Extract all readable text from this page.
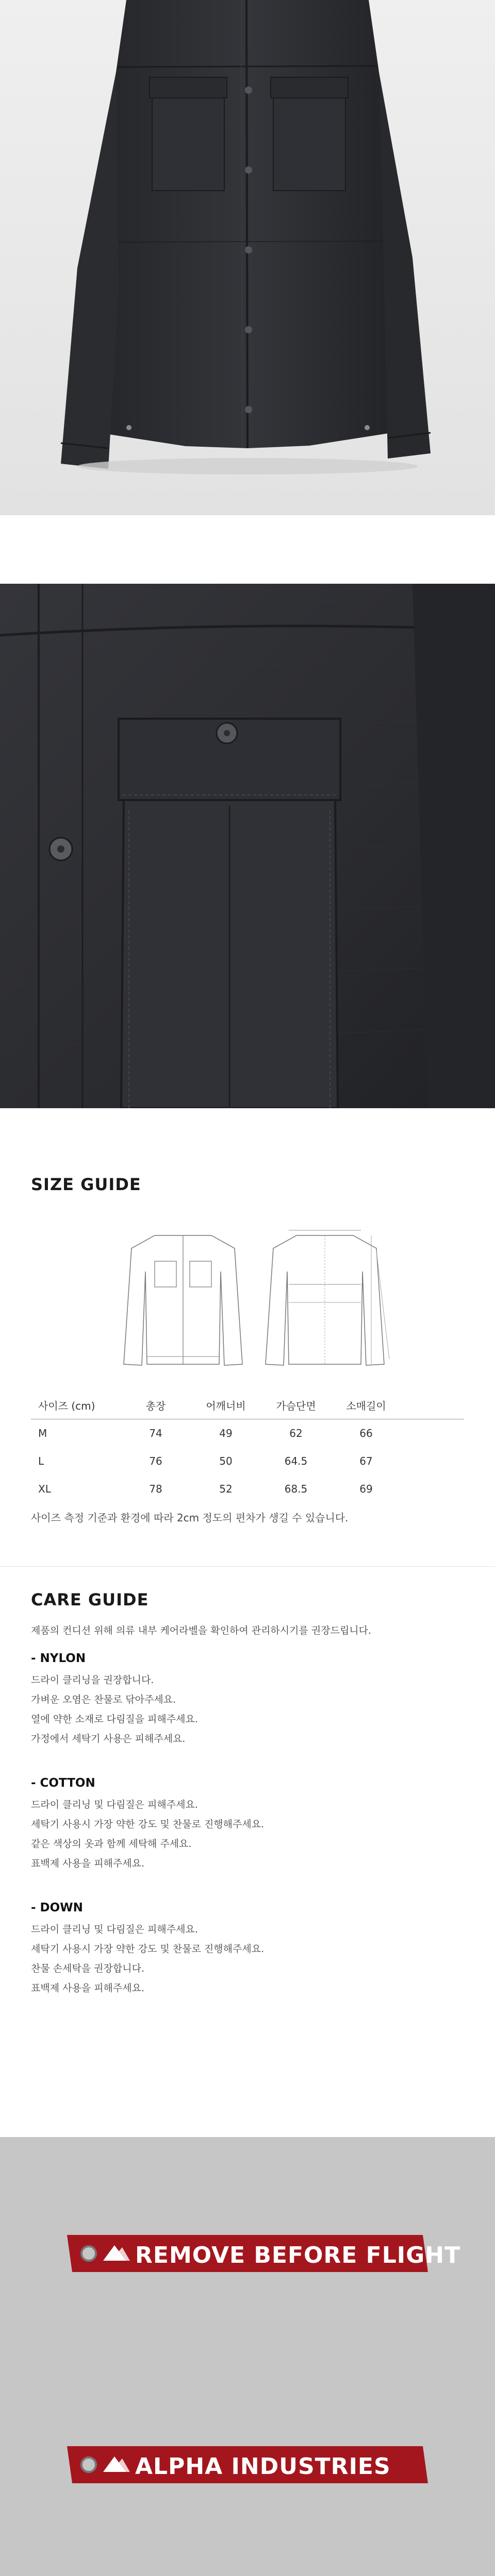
SIZE GUIDE
사이즈 (cm)	총장	어깨너비	가슴단면	소매길이
M	74	49	62	66
L	76	50	64.5	67
XL	78	52	68.5	69
사이즈 측정 기준과 환경에 따라 2cm 정도의 편차가 생길 수 있습니다.
CARE GUIDE
제품의 컨디션 위해 의류 내부 케어라벨을 확인하여 관리하시기를 권장드립니다.
- NYLON
드라이 클리닝을 권장합니다.
가벼운 오염은 찬물로 닦아주세요.
열에 약한 소재로 다림질을 피해주세요.
가정에서 세탁기 사용은 피해주세요.
- COTTON
드라이 클리닝 및 다림질은 피해주세요.
세탁기 사용시 가장 약한 강도 및 찬물로 진행해주세요.
같은 색상의 옷과 함께 세탁해 주세요.
표백제 사용을 피해주세요.
- DOWN
드라이 클리닝 및 다림질은 피해주세요.
세탁기 사용시 가장 약한 강도 및 찬물로 진행해주세요.
찬물 손세탁을 권장합니다.
표백제 사용을 피해주세요.
REMOVE BEFORE FLIGHT
ALPHA INDUSTRIES
